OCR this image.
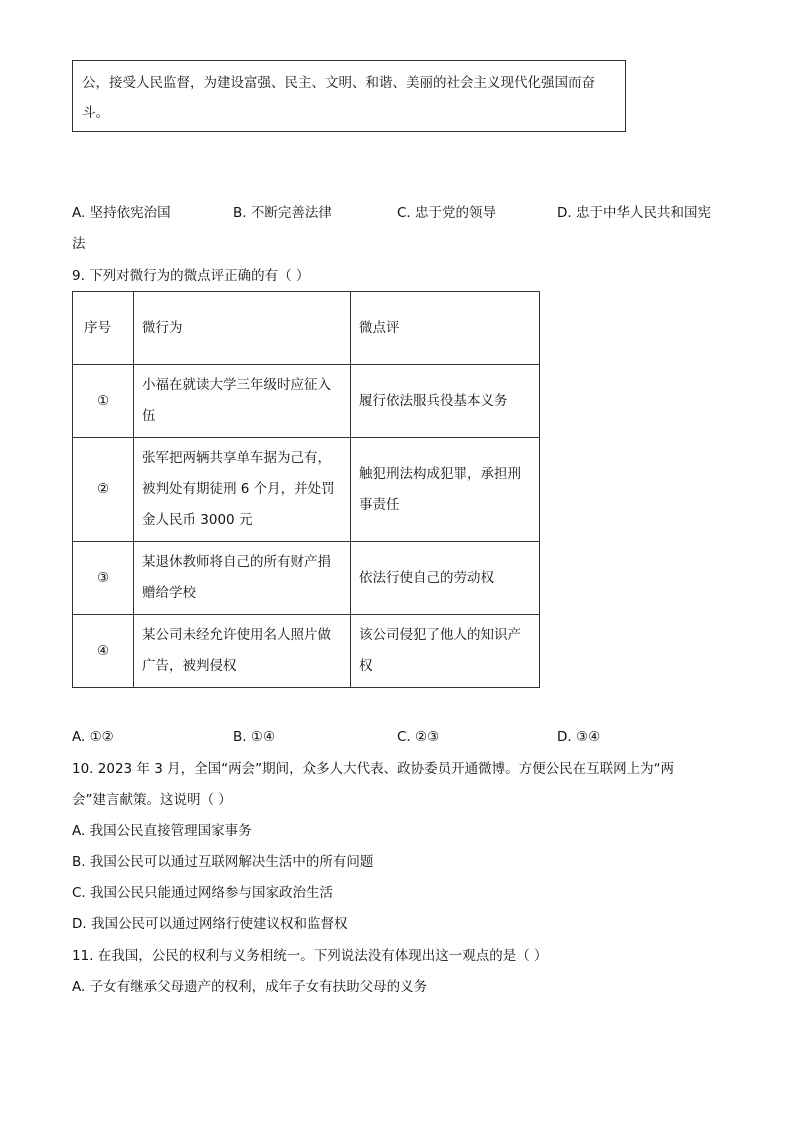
公，接受人民监督，为建设富强、民主、文明、和谐、美丽的社会主义现代化强国而奋斗。
A. 坚持依宪治国	B. 不断完善法律	C. 忠于党的领导	D. 忠于中华人民共和国宪
法
9. 下列对微行为的微点评正确的有（ ）
序号	微行为	微点评
①	小福在就读大学三年级时应征入伍	履行依法服兵役基本义务
②	张军把两辆共享单车据为己有，被判处有期徒刑 6 个月，并处罚金人民币 3000 元	触犯刑法构成犯罪，承担刑事责任
③	某退休教师将自己的所有财产捐赠给学校	依法行使自己的劳动权
④	某公司未经允许使用名人照片做广告，被判侵权	该公司侵犯了他人的知识产权
A. ①②	B. ①④	C. ②③	D. ③④
10. 2023 年 3 月，全国“两会”期间，众多人大代表、政协委员开通微博。方便公民在互联网上为“两
会”建言献策。这说明（ ）
A. 我国公民直接管理国家事务
B. 我国公民可以通过互联网解决生活中的所有问题
C. 我国公民只能通过网络参与国家政治生活
D. 我国公民可以通过网络行使建议权和监督权
11. 在我国，公民的权利与义务相统一。下列说法没有体现出这一观点的是（ ）
A. 子女有继承父母遗产的权利，成年子女有扶助父母的义务
